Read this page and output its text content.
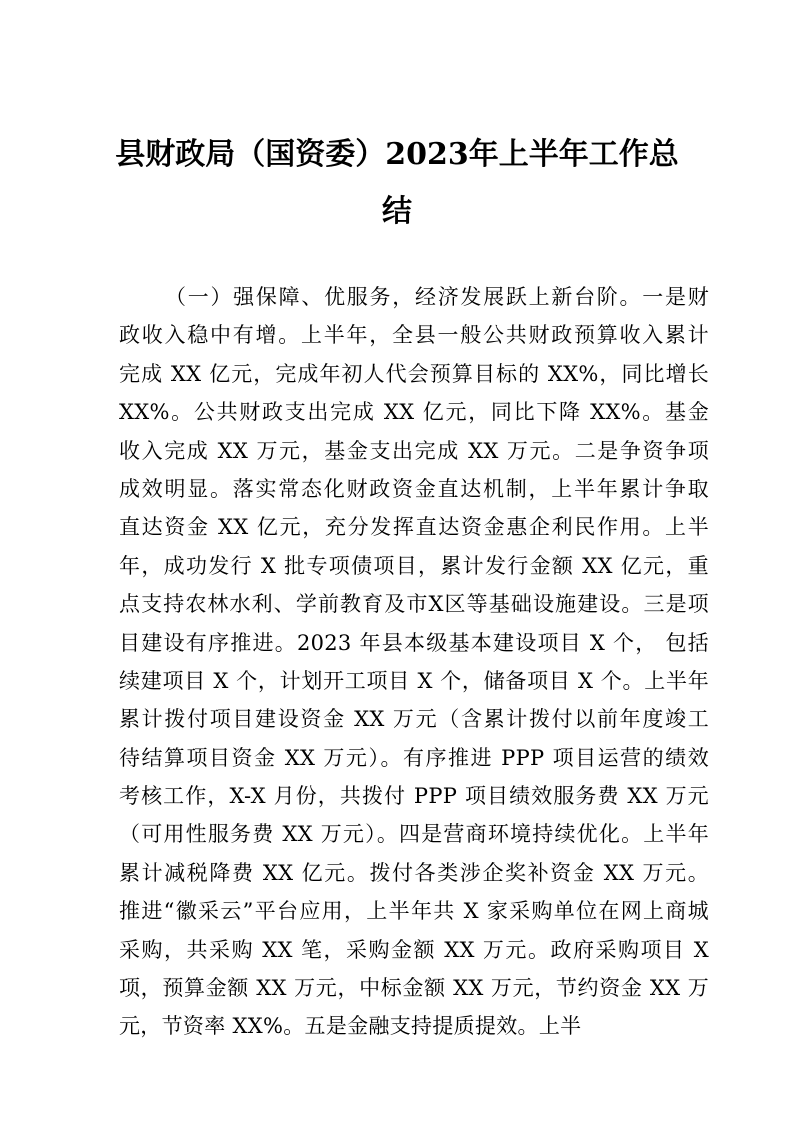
县财政局（国资委）2023年上半年工作总
结
（一）强保障、优服务，经济发展跃上新台阶。一是财
政收入稳中有增。上半年，全县一般公共财政预算收入累计
完成 XX 亿元，完成年初人代会预算目标的 XX%，同比增长
XX%。公共财政支出完成 XX 亿元，同比下降 XX%。基金
收入完成 XX 万元，基金支出完成 XX 万元。二是争资争项
成效明显。落实常态化财政资金直达机制，上半年累计争取
直达资金 XX 亿元，充分发挥直达资金惠企利民作用。上半
年，成功发行 X 批专项债项目，累计发行金额 XX 亿元，重
点支持农林水利、学前教育及市X区等基础设施建设。三是项
目建设有序推进。2023 年县本级基本建设项目 X 个， 包括
续建项目 X 个，计划开工项目 X 个，储备项目 X 个。上半年
累计拨付项目建设资金 XX 万元（含累计拨付以前年度竣工
待结算项目资金 XX 万元）。有序推进 PPP 项目运营的绩效
考核工作，X-X 月份，共拨付 PPP 项目绩效服务费 XX 万元
（可用性服务费 XX 万元）。四是营商环境持续优化。上半年
累计减税降费 XX 亿元。拨付各类涉企奖补资金 XX 万元。
推进“徽采云”平台应用，上半年共 X 家采购单位在网上商城
采购，共采购 XX 笔，采购金额 XX 万元。政府采购项目 X
项，预算金额 XX 万元，中标金额 XX 万元，节约资金 XX 万
元，节资率 XX%。五是金融支持提质提效。上半
